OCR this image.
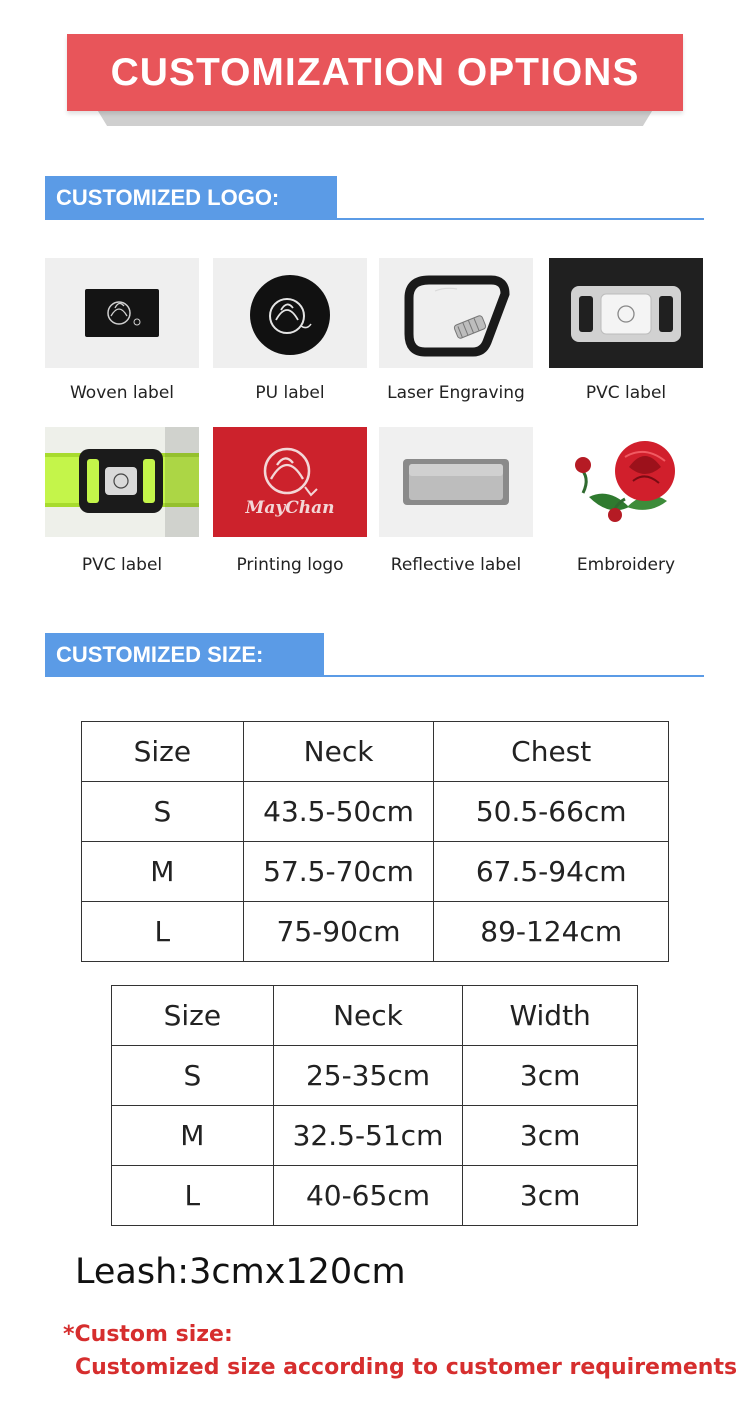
CUSTOMIZATION OPTIONS
CUSTOMIZED LOGO:
Woven label	PU label	Laser Engraving	PVC label
MayChan
PVC label	Printing logo	Reflective label	Embroidery
CUSTOMIZED SIZE:
Size	Neck	Chest
S	43.5-50cm	50.5-66cm
M	57.5-70cm	67.5-94cm
L	75-90cm	89-124cm
Size	Neck	Width
S	25-35cm	3cm
M	32.5-51cm	3cm
L	40-65cm	3cm
Leash:3cmx120cm
*Custom size:
Customized size according to customer requirements
